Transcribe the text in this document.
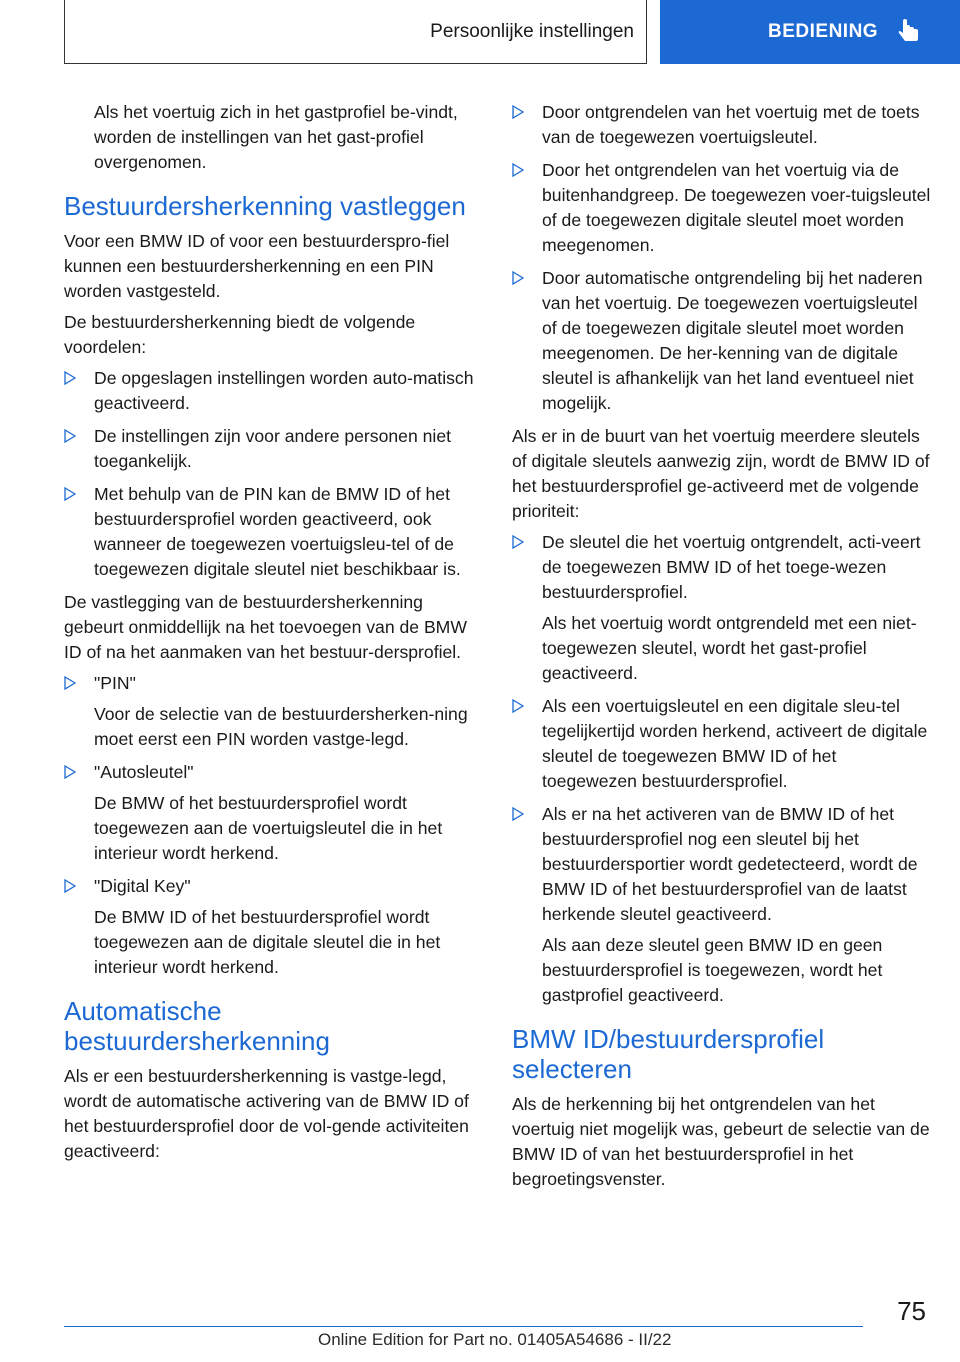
Persoonlijke instellingen	BEDIENING

Als het voertuig zich in het gastprofiel be-vindt, worden de instellingen van het gast-profiel overgenomen.

Bestuurdersherkenning vastleggen

Voor een BMW ID of voor een bestuurderspro-fiel kunnen een bestuurdersherkenning en een PIN worden vastgesteld.

De bestuurdersherkenning biedt de volgende voordelen:

De opgeslagen instellingen worden auto-matisch geactiveerd.
De instellingen zijn voor andere personen niet toegankelijk.
Met behulp van de PIN kan de BMW ID of het bestuurdersprofiel worden geactiveerd, ook wanneer de toegewezen voertuigsleu-tel of de toegewezen digitale sleutel niet beschikbaar is.

De vastlegging van de bestuurdersherkenning gebeurt onmiddellijk na het toevoegen van de BMW ID of na het aanmaken van het bestuur-dersprofiel.

"PIN"
Voor de selectie van de bestuurdersherken-ning moet eerst een PIN worden vastge-legd.
"Autosleutel"
De BMW of het bestuurdersprofiel wordt toegewezen aan de voertuigsleutel die in het interieur wordt herkend.
"Digital Key"
De BMW ID of het bestuurdersprofiel wordt toegewezen aan de digitale sleutel die in het interieur wordt herkend.
Automatische bestuurdersherkenning

Als er een bestuurdersherkenning is vastge-legd, wordt de automatische activering van de BMW ID of het bestuurdersprofiel door de vol-gende activiteiten geactiveerd:

Door ontgrendelen van het voertuig met de toets van de toegewezen voertuigsleutel.
Door het ontgrendelen van het voertuig via de buitenhandgreep. De toegewezen voer-tuigsleutel of de toegewezen digitale sleutel moet worden meegenomen.
Door automatische ontgrendeling bij het naderen van het voertuig. De toegewezen voertuigsleutel of de toegewezen digitale sleutel moet worden meegenomen. De her-kenning van de digitale sleutel is afhankelijk van het land eventueel niet mogelijk.

Als er in de buurt van het voertuig meerdere sleutels of digitale sleutels aanwezig zijn, wordt de BMW ID of het bestuurdersprofiel ge-activeerd met de volgende prioriteit:

De sleutel die het voertuig ontgrendelt, acti-veert de toegewezen BMW ID of het toege-wezen bestuurdersprofiel.
Als het voertuig wordt ontgrendeld met een niet-toegewezen sleutel, wordt het gast-profiel geactiveerd.
Als een voertuigsleutel en een digitale sleu-tel tegelijkertijd worden herkend, activeert de digitale sleutel de toegewezen BMW ID of het toegewezen bestuurdersprofiel.
Als er na het activeren van de BMW ID of het bestuurdersprofiel nog een sleutel bij het bestuurdersportier wordt gedetecteerd, wordt de BMW ID of het bestuurdersprofiel van de laatst herkende sleutel geactiveerd.
Als aan deze sleutel geen BMW ID en geen bestuurdersprofiel is toegewezen, wordt het gastprofiel geactiveerd.
BMW ID/bestuurdersprofiel selecteren

Als de herkenning bij het ontgrendelen van het voertuig niet mogelijk was, gebeurt de selectie van de BMW ID of van het bestuurdersprofiel in het begroetingsvenster.

75
Online Edition for Part no. 01405A54686 - II/22
